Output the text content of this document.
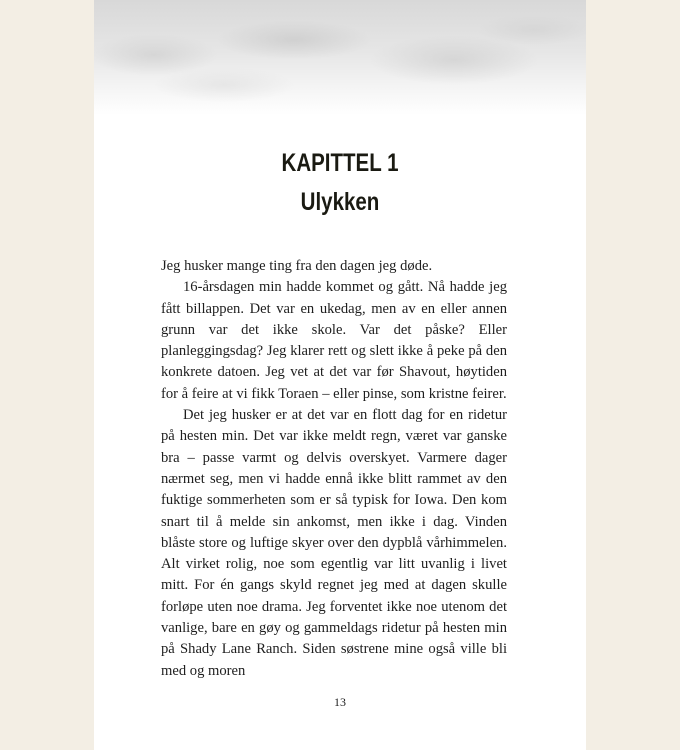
KAPITTEL 1
Ulykken

Jeg husker mange ting fra den dagen jeg døde.

16-årsdagen min hadde kommet og gått. Nå hadde jeg fått billappen. Det var en ukedag, men av en eller annen grunn var det ikke skole. Var det påske? Eller planleggingsdag? Jeg klarer rett og slett ikke å peke på den konkrete datoen. Jeg vet at det var før Shavout, høytiden for å feire at vi fikk Toraen – eller pinse, som kristne feirer.

Det jeg husker er at det var en flott dag for en ridetur på hesten min. Det var ikke meldt regn, været var ganske bra – passe varmt og delvis overskyet. Varmere dager nærmet seg, men vi hadde ennå ikke blitt rammet av den fuktige sommerheten som er så typisk for Iowa. Den kom snart til å melde sin ankomst, men ikke i dag. Vinden blåste store og luftige skyer over den dypblå vårhimmelen. Alt virket rolig, noe som egentlig var litt uvanlig i livet mitt. For én gangs skyld regnet jeg med at dagen skulle forløpe uten noe drama. Jeg forventet ikke noe utenom det vanlige, bare en gøy og gammeldags ridetur på hesten min på Shady Lane Ranch. Siden søstrene mine også ville bli med og moren

13
